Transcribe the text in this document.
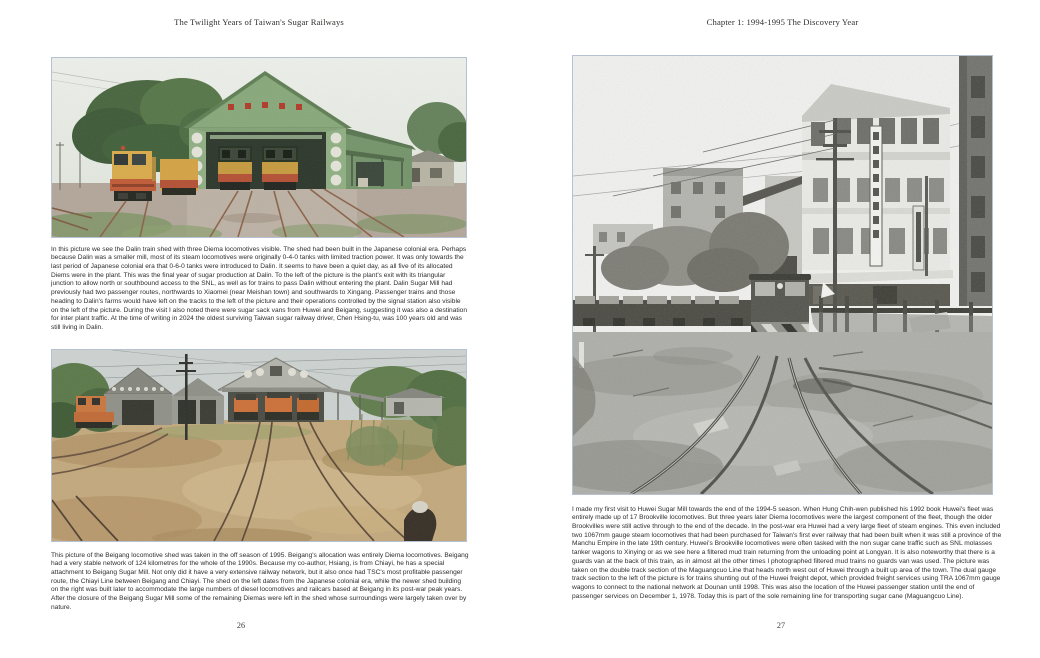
The Twilight Years of Taiwan's Sugar Railways	Chapter 1: 1994-1995 The Discovery Year

In this picture we see the Dalin train shed with three Diema locomotives visible. The shed had been built in the Japanese colonial era. Perhaps because Dalin was a smaller mill, most of its steam locomotives were originally 0-4-0 tanks with limited traction power. It was only towards the last period of Japanese colonial era that 0-6-0 tanks were introduced to Dalin. It seems to have been a quiet day, as all five of its allocated Diems were in the plant. This was the final year of sugar production at Dalin. To the left of the picture is the plant's exit with its triangular junction to allow north or southbound access to the SNL, as well as for trains to pass Dalin without entering the plant. Dalin Sugar Mill had previously had two passenger routes, northwards to Xiaomei (near Meishan town) and southwards to Xingang. Passenger trains and those heading to Dalin's farms would have left on the tracks to the left of the picture and their operations controlled by the signal station also visible on the left of the picture. During the visit I also noted there were sugar sack vans from Huwei and Beigang, suggesting it was also a destination for inter plant traffic. At the time of writing in 2024 the oldest surviving Taiwan sugar railway driver, Chen Hsing-tu, was 100 years old and was still living in Dalin.

This picture of the Beigang locomotive shed was taken in the off season of 1995. Beigang's allocation was entirely Diema locomotives. Beigang had a very stable network of 124 kilometres for the whole of the 1990s. Because my co-author, Hsiang, is from Chiayi, he has a special attachment to Beigang Sugar Mill. Not only did it have a very extensive railway network, but it also once had TSC's most profitable passenger route, the Chiayi Line between Beigang and Chiayi. The shed on the left dates from the Japanese colonial era, while the newer shed building on the right was built later to accommodate the large numbers of diesel locomotives and railcars based at Beigang in its post-war peak years. After the closure of the Beigang Sugar Mill some of the remaining Diemas were left in the shed whose surroundings were largely taken over by nature.

26

I made my first visit to Huwei Sugar Mill towards the end of the 1994-5 season. When Hung Chih-wen published his 1992 book Huwei's fleet was entirely made up of 17 Brookville locomotives. But three years later Diema locomotives were the largest component of the fleet, though the older Brookvilles were still active through to the end of the decade. In the post-war era Huwei had a very large fleet of steam engines. This even included two 1067mm gauge steam locomotives that had been purchased for Taiwan's first ever railway that had been built when it was still a province of the Manchu Empire in the late 19th century. Huwei's Brookville locomotives were often tasked with the non sugar cane traffic such as SNL molasses tanker wagons to Xinying or as we see here a filtered mud train returning from the unloading point at Longyan. It is also noteworthy that there is a guards van at the back of this train, as in almost all the other times I photographed filtered mud trains no guards van was used. The picture was taken on the double track section of the Maguangcuo Line that heads north west out of Huwei through a built up area of the town. The dual gauge track section to the left of the picture is for trains shunting out of the Huwei freight depot, which provided freight services using TRA 1067mm gauge wagons to connect to the national network at Dounan until 1998. This was also the location of the Huwei passenger station until the end of passenger services on December 1, 1978. Today this is part of the sole remaining line for transporting sugar cane (Maguangcuo Line).

27
